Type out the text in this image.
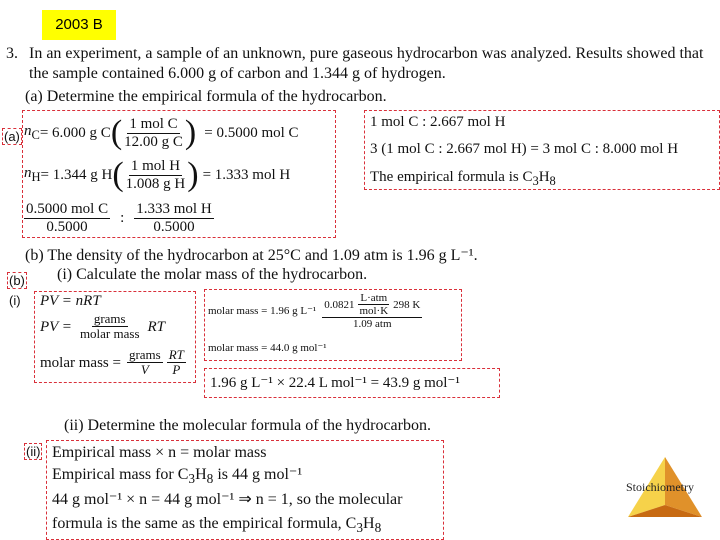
2003 B
3. In an experiment, a sample of an unknown, pure gaseous hydrocarbon was analyzed. Results showed that
the sample contained 6.000 g of carbon and 1.344 g of hydrogen.
(a) Determine the empirical formula of the hydrocarbon.
(a) $n_C = 6.000$ g C ( $\frac{\text{1 mol C}}{\text{12.00 g C}}$ ) = 0.5000 mol C
$n_H = 1.344$ g H ( $\frac{\text{1 mol H}}{\text{1.008 g H}}$ ) = 1.333 mol H
$\frac{\text{0.5000 mol C}}{0.5000}$ : $\frac{\text{1.333 mol H}}{0.5000}$
1 mol C : 2.667 mol H
3 (1 mol C : 2.667 mol H) = 3 mol C : 8.000 mol H
The empirical formula is $C_3H_8$
(b) The density of the hydrocarbon at 25°C and 1.09 atm is 1.96 g L⁻¹.
(i) Calculate the molar mass of the hydrocarbon.
(b)
(i) PV = nRT
PV = $\frac{\text{grams}}{\text{molar mass}}$ RT
molar mass = $\frac{\text{grams}}{V} \frac{RT}{P}$
molar mass = 1.96 g $L^{-1} \frac{0.0821 \frac{\text{L·atm}}{\text{mol·K}} 298 K}{\text{1.09 atm}}$
molar mass = 44.0 g mol⁻¹
1.96 g L⁻¹ × 22.4 L mol⁻¹ = 43.9 g mol⁻¹
(ii) Determine the molecular formula of the hydrocarbon.
(ii) Empirical mass × n = molar mass
Empirical mass for $C_3H_8$ is 44 g mol⁻¹
44 g mol⁻¹ × n = 44 g mol⁻¹ ⇒ n = 1, so the molecular
formula is the same as the empirical formula, $C_3H_8$
Stoichiometry
